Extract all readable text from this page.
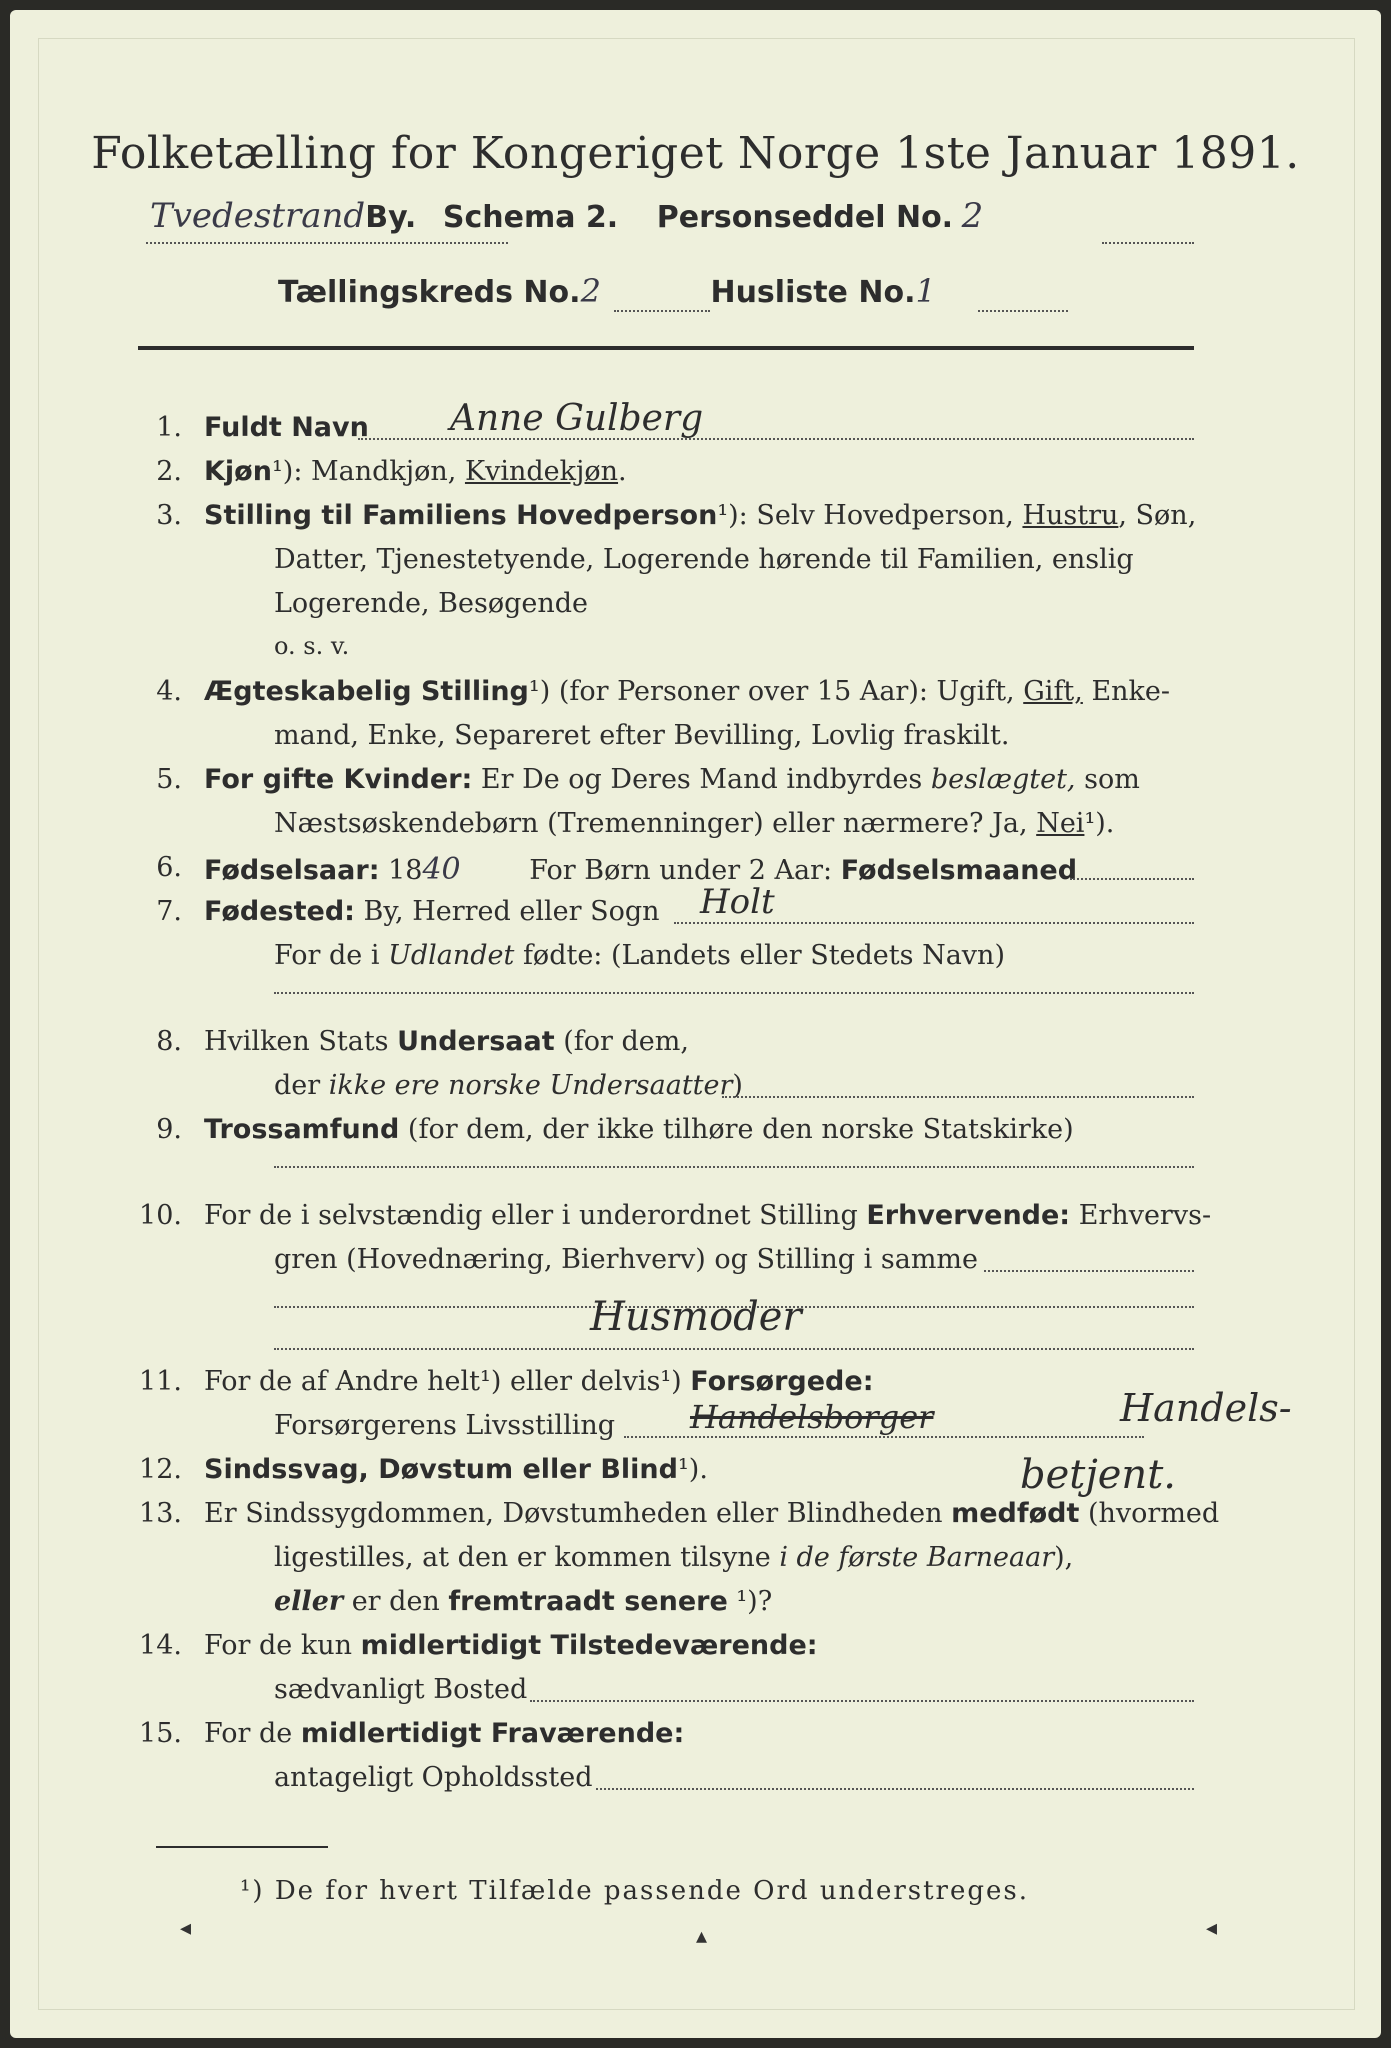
Folketælling for Kongeriget Norge 1ste Januar 1891.
TvedestrandBy. Schema 2. Personseddel No. 2
Tællingskreds No.2	Husliste No.1
1. Fuldt Navn Anne Gulberg
2. Kjøn¹): Mandkjøn, Kvindekjøn.
3. Stilling til Familiens Hovedperson¹): Selv Hovedperson, Hustru, Søn,
Datter, Tjenestetyende, Logerende hørende til Familien, enslig
Logerende, Besøgende
o. s. v.
4. Ægteskabelig Stilling¹) (for Personer over 15 Aar): Ugift, Gift, Enke-
mand, Enke, Separeret efter Bevilling, Lovlig fraskilt.
5. For gifte Kvinder: Er De og Deres Mand indbyrdes beslægtet, som
Næstsøskendebørn (Tremenninger) eller nærmere? Ja, Nei¹).
6. Fødselsaar: 1840 For Børn under 2 Aar: Fødselsmaaned
7. Fødested: By, Herred eller Sogn Holt
For de i Udlandet fødte: (Landets eller Stedets Navn)
8. Hvilken Stats Undersaat (for dem,
der ikke ere norske Undersaatter)
9. Trossamfund (for dem, der ikke tilhøre den norske Statskirke)
10. For de i selvstændig eller i underordnet Stilling Erhvervende: Erhvervs-
gren (Hovednæring, Bierhverv) og Stilling i samme
Husmoder
11. For de af Andre helt¹) eller delvis¹) Forsørgede:
Forsørgerens Livsstilling Handelsborger	Handels-
betjent.
12. Sindssvag, Døvstum eller Blind¹).
13. Er Sindssygdommen, Døvstumheden eller Blindheden medfødt (hvormed
ligestilles, at den er kommen tilsyne i de første Barneaar),
eller er den fremtraadt senere ¹)?
14. For de kun midlertidigt Tilstedeværende:
sædvanligt Bosted
15. For de midlertidigt Fraværende:
antageligt Opholdssted
¹) De for hvert Tilfælde passende Ord understreges.
◂	▴	◂
